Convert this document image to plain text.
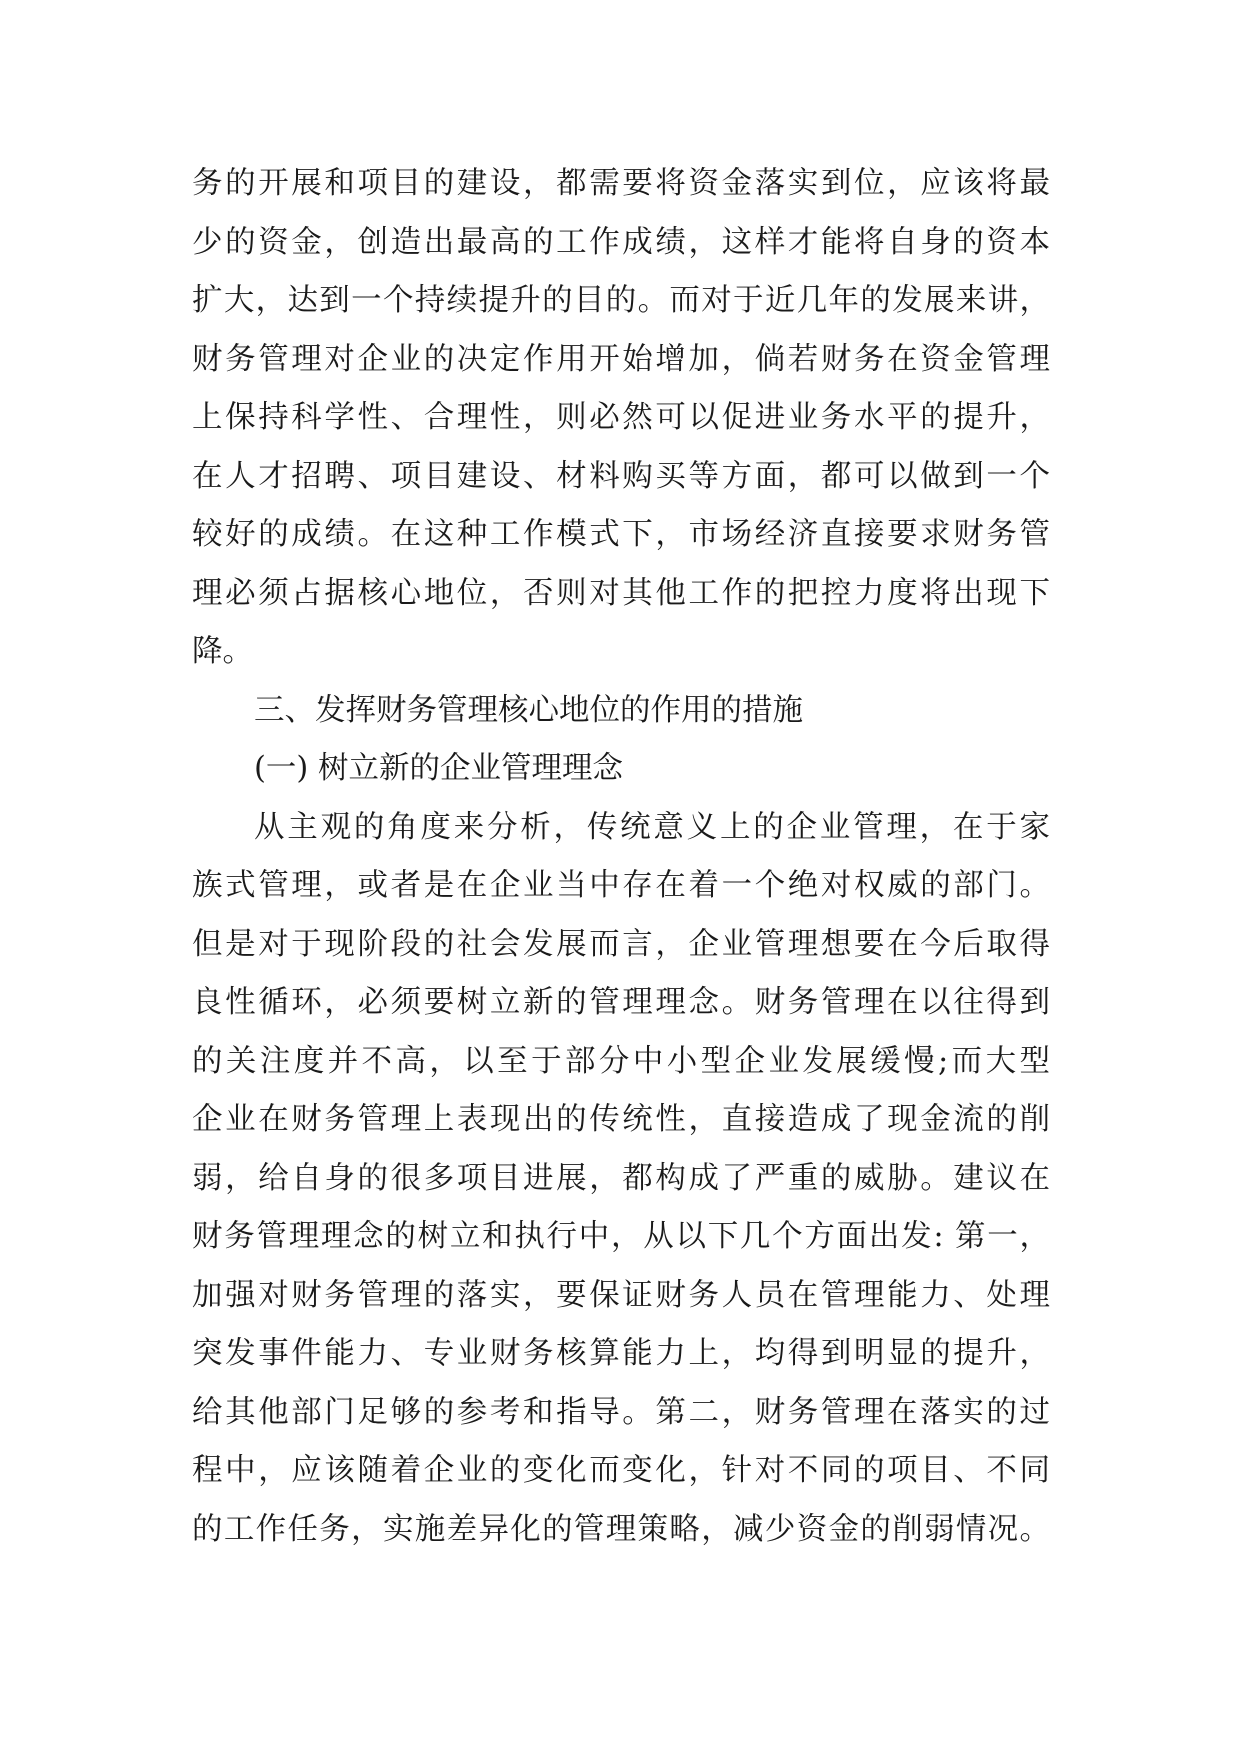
务的开展和项目的建设，都需要将资金落实到位，应该将最
少的资金，创造出最高的工作成绩，这样才能将自身的资本
扩大，达到一个持续提升的目的。而对于近几年的发展来讲，
财务管理对企业的决定作用开始增加，倘若财务在资金管理
上保持科学性、合理性，则必然可以促进业务水平的提升，
在人才招聘、项目建设、材料购买等方面，都可以做到一个
较好的成绩。在这种工作模式下，市场经济直接要求财务管
理必须占据核心地位，否则对其他工作的把控力度将出现下
降。
三、发挥财务管理核心地位的作用的措施
(一) 树立新的企业管理理念
从主观的角度来分析，传统意义上的企业管理，在于家
族式管理，或者是在企业当中存在着一个绝对权威的部门。
但是对于现阶段的社会发展而言，企业管理想要在今后取得
良性循环，必须要树立新的管理理念。财务管理在以往得到
的关注度并不高，以至于部分中小型企业发展缓慢;而大型
企业在财务管理上表现出的传统性，直接造成了现金流的削
弱，给自身的很多项目进展，都构成了严重的威胁。建议在
财务管理理念的树立和执行中，从以下几个方面出发: 第一，
加强对财务管理的落实，要保证财务人员在管理能力、处理
突发事件能力、专业财务核算能力上，均得到明显的提升，
给其他部门足够的参考和指导。第二，财务管理在落实的过
程中，应该随着企业的变化而变化，针对不同的项目、不同
的工作任务，实施差异化的管理策略，减少资金的削弱情况。
